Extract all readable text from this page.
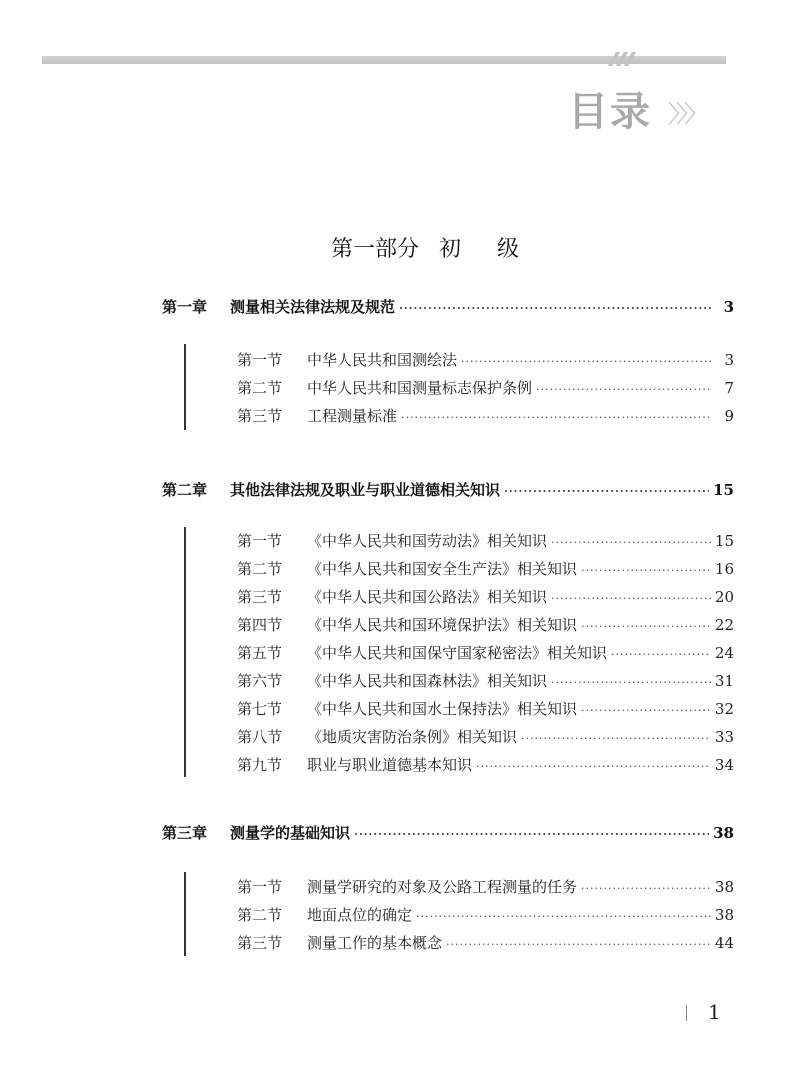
目录 〉〉〉
第一部分 初 级
第一章	测量相关法律法规及规范 ·····	3
第一节	中华人民共和国测绘法 ·····	3
第二节	中华人民共和国测量标志保护条例 ·····	7
第三节	工程测量标准 ·····	9
第二章	其他法律法规及职业与职业道德相关知识 ·····	15
第一节	《中华人民共和国劳动法》相关知识 ·····	15
第二节	《中华人民共和国安全生产法》相关知识 ·····	16
第三节	《中华人民共和国公路法》相关知识 ·····	20
第四节	《中华人民共和国环境保护法》相关知识 ·····	22
第五节	《中华人民共和国保守国家秘密法》相关知识 ·····	24
第六节	《中华人民共和国森林法》相关知识 ·····	31
第七节	《中华人民共和国水土保持法》相关知识 ·····	32
第八节	《地质灾害防治条例》相关知识 ·····	33
第九节	职业与职业道德基本知识 ·····	34
第三章	测量学的基础知识 ·····	38
第一节	测量学研究的对象及公路工程测量的任务 ·····	38
第二节	地面点位的确定 ·····	38
第三节	测量工作的基本概念 ·····	44
1
